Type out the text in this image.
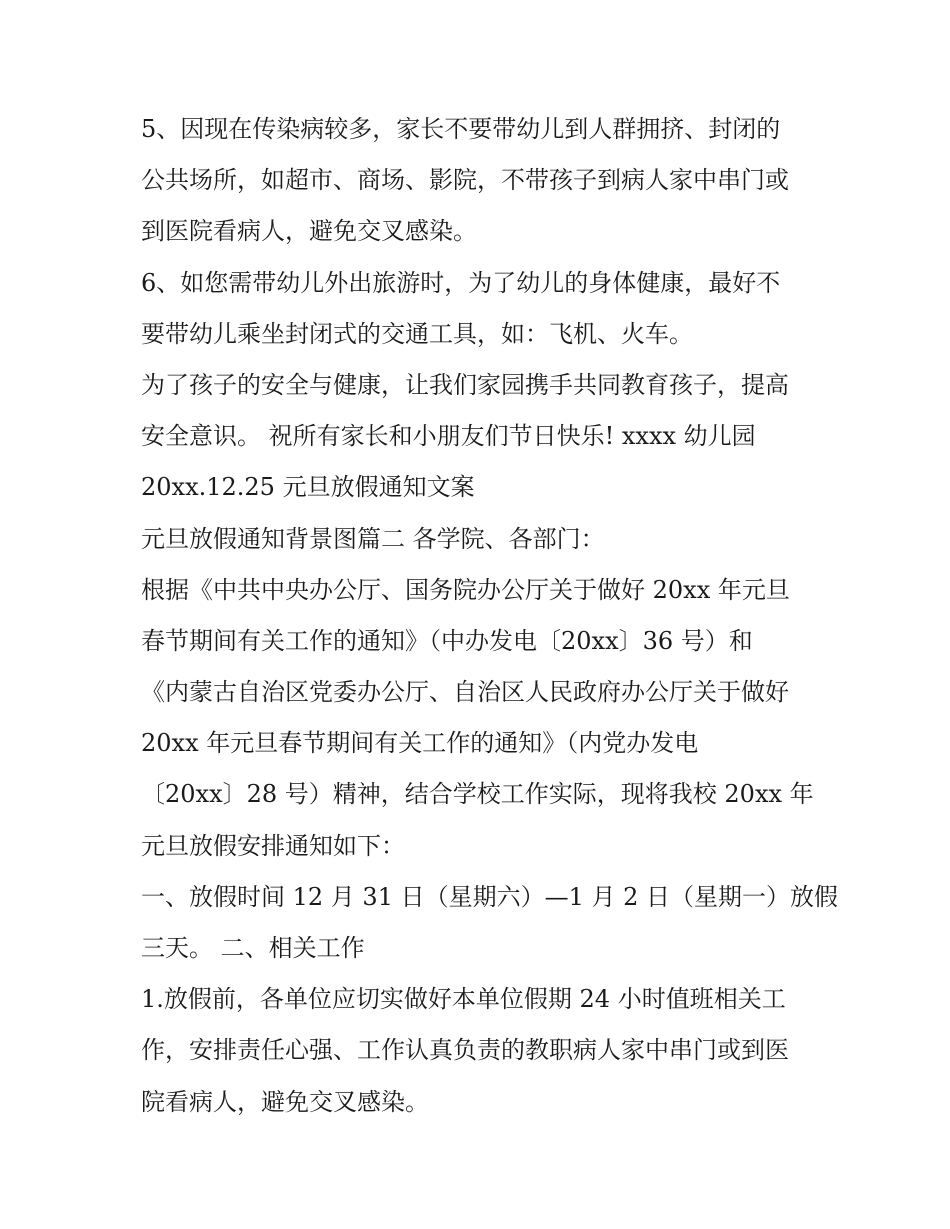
5、因现在传染病较多，家长不要带幼儿到人群拥挤、封闭的
公共场所，如超市、商场、影院，不带孩子到病人家中串门或
到医院看病人，避免交叉感染。
6、如您需带幼儿外出旅游时，为了幼儿的身体健康，最好不
要带幼儿乘坐封闭式的交通工具，如：飞机、火车。
为了孩子的安全与健康，让我们家园携手共同教育孩子，提高
安全意识。 祝所有家长和小朋友们节日快乐! xxxx 幼儿园
20xx.12.25 元旦放假通知文案
元旦放假通知背景图篇二 各学院、各部门：
根据《中共中央办公厅、国务院办公厅关于做好 20xx 年元旦
春节期间有关工作的通知》（中办发电〔20xx〕36 号）和
《内蒙古自治区党委办公厅、自治区人民政府办公厅关于做好
20xx 年元旦春节期间有关工作的通知》（内党办发电
〔20xx〕28 号）精神，结合学校工作实际，现将我校 20xx 年
元旦放假安排通知如下：
一、放假时间 12 月 31 日（星期六）—1 月 2 日（星期一）放假
三天。 二、相关工作
1.放假前，各单位应切实做好本单位假期 24 小时值班相关工
作，安排责任心强、工作认真负责的教职病人家中串门或到医
院看病人，避免交叉感染。
